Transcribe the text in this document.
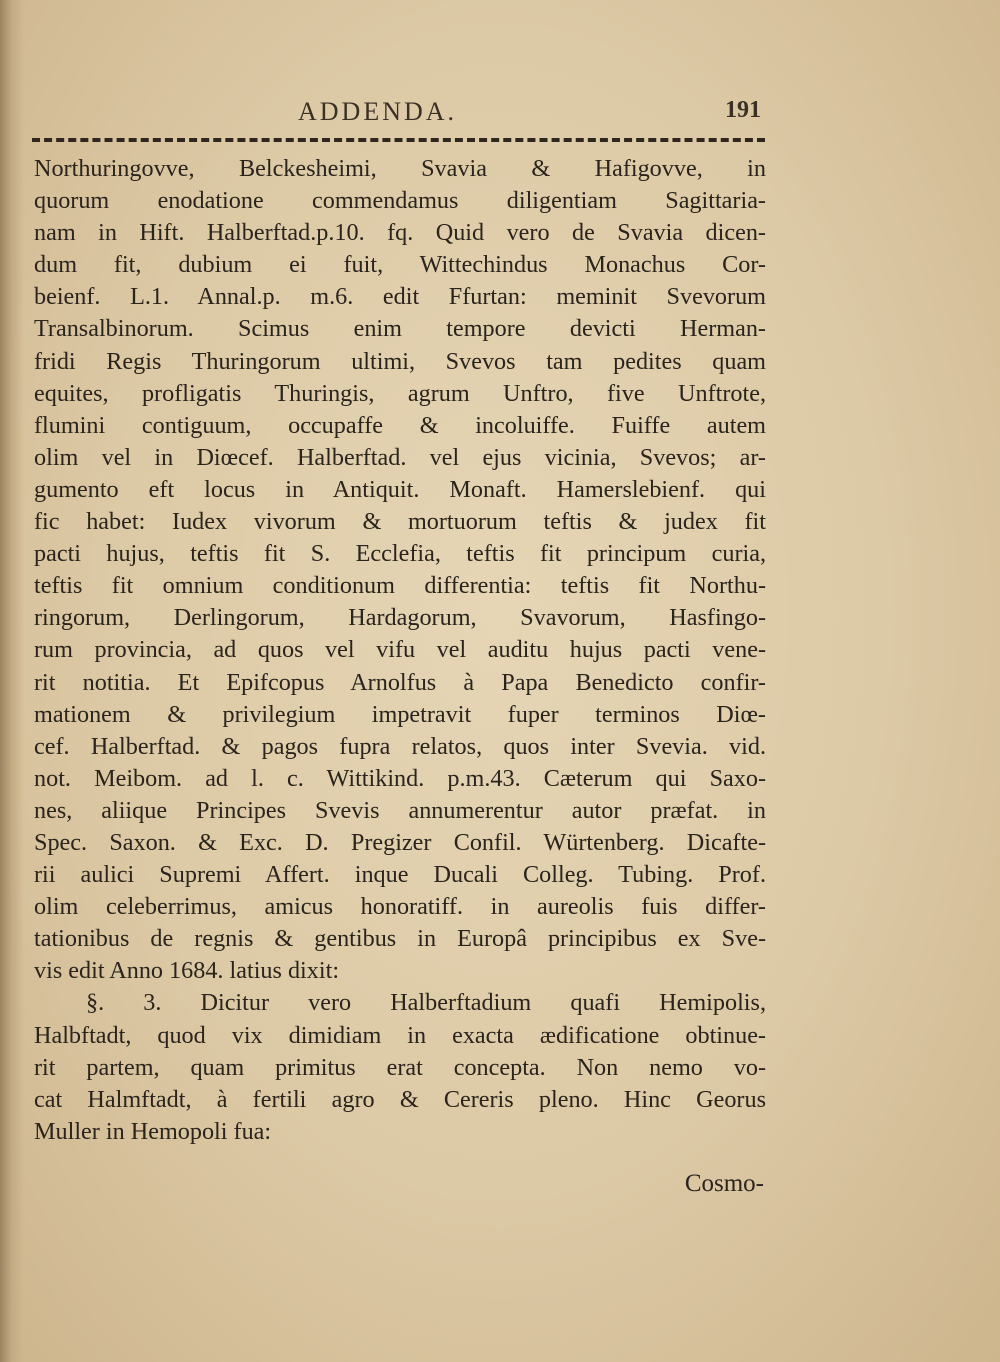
ADDENDA.	191
Northuringovve, Belckesheimi, Svavia & Hafigovve, in
quorum enodatione commendamus diligentiam Sagittaria-
nam in Hift. Halberftad.p.10. fq. Quid vero de Svavia dicen-
dum fit, dubium ei fuit, Wittechindus Monachus Cor-
beienf. L.1. Annal.p. m.6. edit Ffurtan: meminit Svevorum
Transalbinorum. Scimus enim tempore devicti Herman-
fridi Regis Thuringorum ultimi, Svevos tam pedites quam
equites, profligatis Thuringis, agrum Unftro, five Unftrote,
flumini contiguum, occupaffe & incoluiffe. Fuiffe autem
olim vel in Diœcef. Halberftad. vel ejus vicinia, Svevos; ar-
gumento eft locus in Antiquit. Monaft. Hamerslebienf. qui
fic habet: Iudex vivorum & mortuorum teftis & judex fit
pacti hujus, teftis fit S. Ecclefia, teftis fit principum curia,
teftis fit omnium conditionum differentia: teftis fit Northu-
ringorum, Derlingorum, Hardagorum, Svavorum, Hasfingo-
rum provincia, ad quos vel vifu vel auditu hujus pacti vene-
rit notitia. Et Epifcopus Arnolfus à Papa Benedicto confir-
mationem & privilegium impetravit fuper terminos Diœ-
cef. Halberftad. & pagos fupra relatos, quos inter Svevia. vid.
not. Meibom. ad l. c. Wittikind. p.m.43. Cæterum qui Saxo-
nes, aliique Principes Svevis annumerentur autor præfat. in
Spec. Saxon. & Exc. D. Pregizer Confil. Würtenberg. Dicafte-
rii aulici Supremi Affert. inque Ducali Colleg. Tubing. Prof.
olim celeberrimus, amicus honoratiff. in aureolis fuis differ-
tationibus de regnis & gentibus in Europâ principibus ex Sve-
vis edit Anno 1684. latius dixit:
§. 3. Dicitur vero Halberftadium quafi Hemipolis,
Halbftadt, quod vix dimidiam in exacta ædificatione obtinue-
rit partem, quam primitus erat concepta. Non nemo vo-
cat Halmftadt, à fertili agro & Cereris pleno. Hinc Georus
Muller in Hemopoli fua:
Cosmo-
